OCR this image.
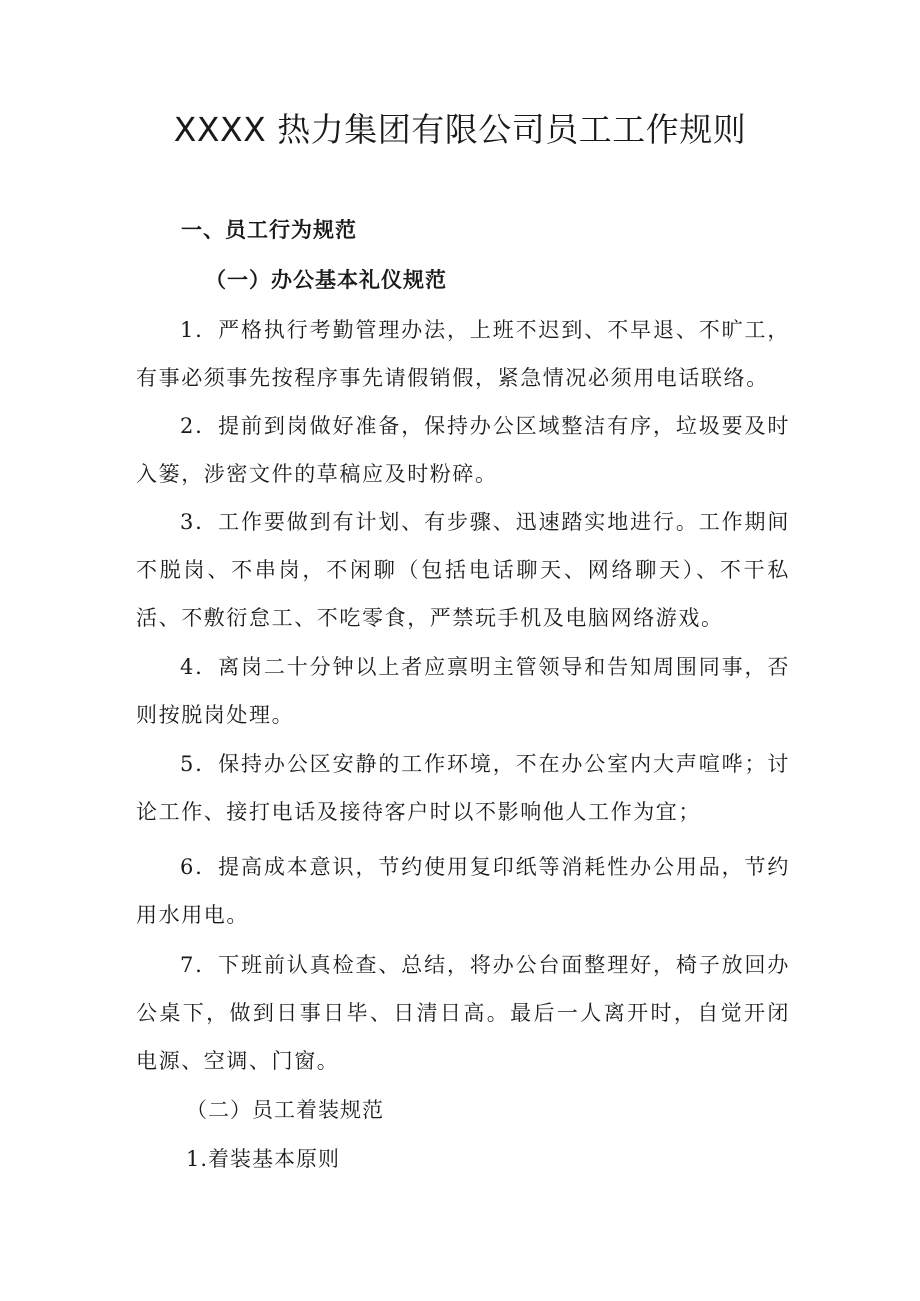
XXXX 热力集团有限公司员工工作规则

一、员工行为规范

（一）办公基本礼仪规范

1．严格执行考勤管理办法，上班不迟到、不早退、不旷工，有事必须事先按程序事先请假销假，紧急情况必须用电话联络。

2．提前到岗做好准备，保持办公区域整洁有序，垃圾要及时入篓，涉密文件的草稿应及时粉碎。

3．工作要做到有计划、有步骤、迅速踏实地进行。工作期间不脱岗、不串岗，不闲聊（包括电话聊天、网络聊天）、不干私活、不敷衍怠工、不吃零食，严禁玩手机及电脑网络游戏。

4．离岗二十分钟以上者应禀明主管领导和告知周围同事，否则按脱岗处理。

5．保持办公区安静的工作环境，不在办公室内大声喧哗；讨论工作、接打电话及接待客户时以不影响他人工作为宜；

6．提高成本意识，节约使用复印纸等消耗性办公用品，节约用水用电。

7．下班前认真检查、总结，将办公台面整理好，椅子放回办公桌下，做到日事日毕、日清日高。最后一人离开时，自觉开闭电源、空调、门窗。

（二）员工着装规范

1.着装基本原则
